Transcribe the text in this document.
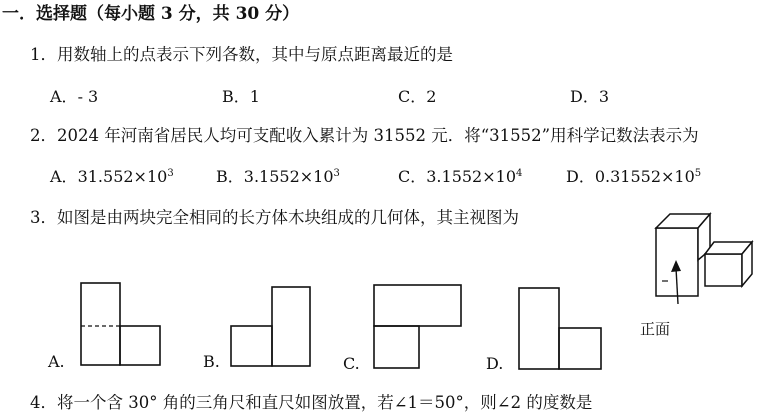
一．选择题（每小题 3 分，共 30 分）
1．用数轴上的点表示下列各数，其中与原点距离最近的是
A．- 3	B．1	C．2	D．3
2．2024 年河南省居民人均可支配收入累计为 31552 元．将“31552”用科学记数法表示为
A．$31.552\times 10^3$	B．$3.1552\times 10^3$	C．$3.1552\times 10^4$	D．$0.31552\times 10^5$
3．如图是由两块完全相同的长方体木块组成的几何体，其主视图为
A.	B.	C.	D.
正面
4．将一个含 30° 角的三角尺和直尺如图放置，若∠1＝50°，则∠2 的度数是
